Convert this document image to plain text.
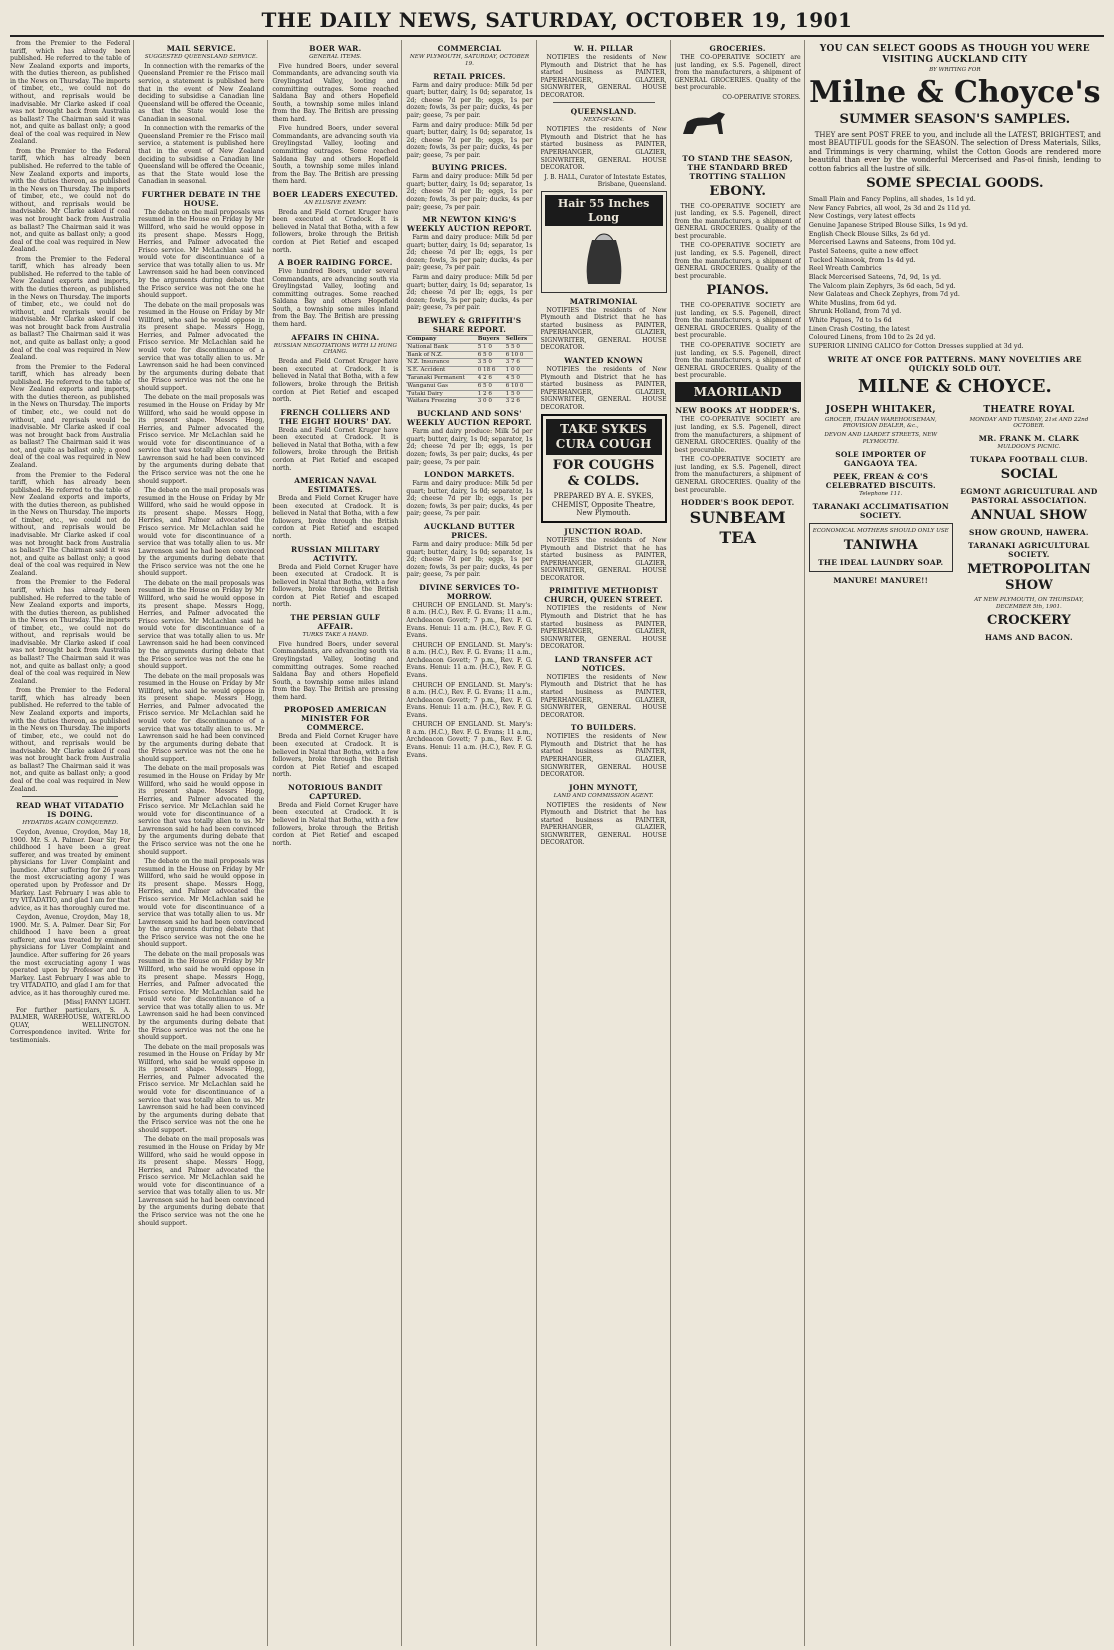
THE DAILY NEWS, SATURDAY, OCTOBER 19, 1901

from the Premier to the Federal tariff, which has already been published. He referred to the table of New Zealand exports and imports, with the duties thereon, as published in the News on Thursday. The imports of timber, etc., we could not do without, and reprisals would be inadvisable. Mr Clarke asked if coal was not brought back from Australia as ballast? The Chairman said it was not, and quite as ballast only; a good deal of the coal was required in New Zealand.

from the Premier to the Federal tariff, which has already been published. He referred to the table of New Zealand exports and imports, with the duties thereon, as published in the News on Thursday. The imports of timber, etc., we could not do without, and reprisals would be inadvisable. Mr Clarke asked if coal was not brought back from Australia as ballast? The Chairman said it was not, and quite as ballast only; a good deal of the coal was required in New Zealand.

from the Premier to the Federal tariff, which has already been published. He referred to the table of New Zealand exports and imports, with the duties thereon, as published in the News on Thursday. The imports of timber, etc., we could not do without, and reprisals would be inadvisable. Mr Clarke asked if coal was not brought back from Australia as ballast? The Chairman said it was not, and quite as ballast only; a good deal of the coal was required in New Zealand.

from the Premier to the Federal tariff, which has already been published. He referred to the table of New Zealand exports and imports, with the duties thereon, as published in the News on Thursday. The imports of timber, etc., we could not do without, and reprisals would be inadvisable. Mr Clarke asked if coal was not brought back from Australia as ballast? The Chairman said it was not, and quite as ballast only; a good deal of the coal was required in New Zealand.

from the Premier to the Federal tariff, which has already been published. He referred to the table of New Zealand exports and imports, with the duties thereon, as published in the News on Thursday. The imports of timber, etc., we could not do without, and reprisals would be inadvisable. Mr Clarke asked if coal was not brought back from Australia as ballast? The Chairman said it was not, and quite as ballast only; a good deal of the coal was required in New Zealand.

from the Premier to the Federal tariff, which has already been published. He referred to the table of New Zealand exports and imports, with the duties thereon, as published in the News on Thursday. The imports of timber, etc., we could not do without, and reprisals would be inadvisable. Mr Clarke asked if coal was not brought back from Australia as ballast? The Chairman said it was not, and quite as ballast only; a good deal of the coal was required in New Zealand.

from the Premier to the Federal tariff, which has already been published. He referred to the table of New Zealand exports and imports, with the duties thereon, as published in the News on Thursday. The imports of timber, etc., we could not do without, and reprisals would be inadvisable. Mr Clarke asked if coal was not brought back from Australia as ballast? The Chairman said it was not, and quite as ballast only; a good deal of the coal was required in New Zealand.

READ WHAT VITADATIO IS DOING.
HYDATIDS AGAIN CONQUERED.

Ceydon, Avenue, Croydon, May 18, 1900. Mr. S. A. Palmer. Dear Sir, For childhood I have been a great sufferer, and was treated by eminent physicians for Liver Complaint and Jaundice. After suffering for 26 years the most excruciating agony I was operated upon by Professor and Dr Markey. Last February I was able to try VITADATIO, and glad I am for that advice, as it has thoroughly cured me.

Ceydon, Avenue, Croydon, May 18, 1900. Mr. S. A. Palmer. Dear Sir, For childhood I have been a great sufferer, and was treated by eminent physicians for Liver Complaint and Jaundice. After suffering for 26 years the most excruciating agony I was operated upon by Professor and Dr Markey. Last February I was able to try VITADATIO, and glad I am for that advice, as it has thoroughly cured me.

[Miss] FANNY LIGHT.

For further particulars, S. A. PALMER, WAREHOUSE, WATERLOO QUAY, WELLINGTON. Correspondence invited. Write for testimonials.

MAIL SERVICE.
SUGGESTED QUEENSLAND SERVICE.

In connection with the remarks of the Queensland Premier re the Frisco mail service, a statement is published here that in the event of New Zealand deciding to subsidise a Canadian line Queensland will be offered the Oceanic, as that the State would lose the Canadian in seasonal.

In connection with the remarks of the Queensland Premier re the Frisco mail service, a statement is published here that in the event of New Zealand deciding to subsidise a Canadian line Queensland will be offered the Oceanic, as that the State would lose the Canadian in seasonal.

FURTHER DEBATE IN THE HOUSE.

The debate on the mail proposals was resumed in the House on Friday by Mr Willford, who said he would oppose in its present shape. Messrs Hogg, Herries, and Palmer advocated the Frisco service. Mr McLachlan said he would vote for discontinuance of a service that was totally alien to us. Mr Lawrenson said he had been convinced by the arguments during debate that the Frisco service was not the one he should support.

The debate on the mail proposals was resumed in the House on Friday by Mr Willford, who said he would oppose in its present shape. Messrs Hogg, Herries, and Palmer advocated the Frisco service. Mr McLachlan said he would vote for discontinuance of a service that was totally alien to us. Mr Lawrenson said he had been convinced by the arguments during debate that the Frisco service was not the one he should support.

The debate on the mail proposals was resumed in the House on Friday by Mr Willford, who said he would oppose in its present shape. Messrs Hogg, Herries, and Palmer advocated the Frisco service. Mr McLachlan said he would vote for discontinuance of a service that was totally alien to us. Mr Lawrenson said he had been convinced by the arguments during debate that the Frisco service was not the one he should support.

The debate on the mail proposals was resumed in the House on Friday by Mr Willford, who said he would oppose in its present shape. Messrs Hogg, Herries, and Palmer advocated the Frisco service. Mr McLachlan said he would vote for discontinuance of a service that was totally alien to us. Mr Lawrenson said he had been convinced by the arguments during debate that the Frisco service was not the one he should support.

The debate on the mail proposals was resumed in the House on Friday by Mr Willford, who said he would oppose in its present shape. Messrs Hogg, Herries, and Palmer advocated the Frisco service. Mr McLachlan said he would vote for discontinuance of a service that was totally alien to us. Mr Lawrenson said he had been convinced by the arguments during debate that the Frisco service was not the one he should support.

The debate on the mail proposals was resumed in the House on Friday by Mr Willford, who said he would oppose in its present shape. Messrs Hogg, Herries, and Palmer advocated the Frisco service. Mr McLachlan said he would vote for discontinuance of a service that was totally alien to us. Mr Lawrenson said he had been convinced by the arguments during debate that the Frisco service was not the one he should support.

The debate on the mail proposals was resumed in the House on Friday by Mr Willford, who said he would oppose in its present shape. Messrs Hogg, Herries, and Palmer advocated the Frisco service. Mr McLachlan said he would vote for discontinuance of a service that was totally alien to us. Mr Lawrenson said he had been convinced by the arguments during debate that the Frisco service was not the one he should support.

The debate on the mail proposals was resumed in the House on Friday by Mr Willford, who said he would oppose in its present shape. Messrs Hogg, Herries, and Palmer advocated the Frisco service. Mr McLachlan said he would vote for discontinuance of a service that was totally alien to us. Mr Lawrenson said he had been convinced by the arguments during debate that the Frisco service was not the one he should support.

The debate on the mail proposals was resumed in the House on Friday by Mr Willford, who said he would oppose in its present shape. Messrs Hogg, Herries, and Palmer advocated the Frisco service. Mr McLachlan said he would vote for discontinuance of a service that was totally alien to us. Mr Lawrenson said he had been convinced by the arguments during debate that the Frisco service was not the one he should support.

The debate on the mail proposals was resumed in the House on Friday by Mr Willford, who said he would oppose in its present shape. Messrs Hogg, Herries, and Palmer advocated the Frisco service. Mr McLachlan said he would vote for discontinuance of a service that was totally alien to us. Mr Lawrenson said he had been convinced by the arguments during debate that the Frisco service was not the one he should support.

The debate on the mail proposals was resumed in the House on Friday by Mr Willford, who said he would oppose in its present shape. Messrs Hogg, Herries, and Palmer advocated the Frisco service. Mr McLachlan said he would vote for discontinuance of a service that was totally alien to us. Mr Lawrenson said he had been convinced by the arguments during debate that the Frisco service was not the one he should support.

BOER WAR.
GENERAL ITEMS.

Five hundred Boers, under several Commandants, are advancing south via Greylingstad Valley, looting and committing outrages. Some reached Saldana Bay and others Hopefield South, a township some miles inland from the Bay. The British are pressing them hard.

Five hundred Boers, under several Commandants, are advancing south via Greylingstad Valley, looting and committing outrages. Some reached Saldana Bay and others Hopefield South, a township some miles inland from the Bay. The British are pressing them hard.

BOER LEADERS EXECUTED.
AN ELUSIVE ENEMY.

Breda and Field Cornet Kruger have been executed at Cradock. It is believed in Natal that Botha, with a few followers, broke through the British cordon at Piet Retief and escaped north.

A BOER RAIDING FORCE.

Five hundred Boers, under several Commandants, are advancing south via Greylingstad Valley, looting and committing outrages. Some reached Saldana Bay and others Hopefield South, a township some miles inland from the Bay. The British are pressing them hard.

AFFAIRS IN CHINA.
RUSSIAN NEGOTIATIONS WITH LI HUNG CHANG.

Breda and Field Cornet Kruger have been executed at Cradock. It is believed in Natal that Botha, with a few followers, broke through the British cordon at Piet Retief and escaped north.

FRENCH COLLIERS AND THE EIGHT HOURS' DAY.

Breda and Field Cornet Kruger have been executed at Cradock. It is believed in Natal that Botha, with a few followers, broke through the British cordon at Piet Retief and escaped north.

AMERICAN NAVAL ESTIMATES.

Breda and Field Cornet Kruger have been executed at Cradock. It is believed in Natal that Botha, with a few followers, broke through the British cordon at Piet Retief and escaped north.

RUSSIAN MILITARY ACTIVITY.

Breda and Field Cornet Kruger have been executed at Cradock. It is believed in Natal that Botha, with a few followers, broke through the British cordon at Piet Retief and escaped north.

THE PERSIAN GULF AFFAIR.
TURKS TAKE A HAND.

Five hundred Boers, under several Commandants, are advancing south via Greylingstad Valley, looting and committing outrages. Some reached Saldana Bay and others Hopefield South, a township some miles inland from the Bay. The British are pressing them hard.

PROPOSED AMERICAN MINISTER FOR COMMERCE.

Breda and Field Cornet Kruger have been executed at Cradock. It is believed in Natal that Botha, with a few followers, broke through the British cordon at Piet Retief and escaped north.

NOTORIOUS BANDIT CAPTURED.

Breda and Field Cornet Kruger have been executed at Cradock. It is believed in Natal that Botha, with a few followers, broke through the British cordon at Piet Retief and escaped north.

COMMERCIAL
NEW PLYMOUTH, SATURDAY, OCTOBER 19.
RETAIL PRICES.

Farm and dairy produce: Milk 5d per quart; butter, dairy, 1s 0d; separator, 1s 2d; cheese 7d per lb; eggs, 1s per dozen; fowls, 3s per pair; ducks, 4s per pair; geese, 7s per pair.

Farm and dairy produce: Milk 5d per quart; butter, dairy, 1s 0d; separator, 1s 2d; cheese 7d per lb; eggs, 1s per dozen; fowls, 3s per pair; ducks, 4s per pair; geese, 7s per pair.

BUYING PRICES.

Farm and dairy produce: Milk 5d per quart; butter, dairy, 1s 0d; separator, 1s 2d; cheese 7d per lb; eggs, 1s per dozen; fowls, 3s per pair; ducks, 4s per pair; geese, 7s per pair.

MR NEWTON KING'S WEEKLY AUCTION REPORT.

Farm and dairy produce: Milk 5d per quart; butter, dairy, 1s 0d; separator, 1s 2d; cheese 7d per lb; eggs, 1s per dozen; fowls, 3s per pair; ducks, 4s per pair; geese, 7s per pair.

Farm and dairy produce: Milk 5d per quart; butter, dairy, 1s 0d; separator, 1s 2d; cheese 7d per lb; eggs, 1s per dozen; fowls, 3s per pair; ducks, 4s per pair; geese, 7s per pair.

BEWLEY & GRIFFITH'S SHARE REPORT.
Company	Buyers	Sellers
National Bank	5 1 0	5 5 0
Bank of N.Z.	6 5 0	6 10 0
N.Z. Insurance	3 5 0	3 7 6
S.E. Accident	0 18 6	1 0 0
Taranaki Permanent	4 2 6	4 5 0
Wanganui Gas	6 5 0	6 10 0
Tutaki Dairy	1 2 6	1 5 0
Waitara Freezing	3 0 0	3 2 6
BUCKLAND AND SONS' WEEKLY AUCTION REPORT.

Farm and dairy produce: Milk 5d per quart; butter, dairy, 1s 0d; separator, 1s 2d; cheese 7d per lb; eggs, 1s per dozen; fowls, 3s per pair; ducks, 4s per pair; geese, 7s per pair.

LONDON MARKETS.

Farm and dairy produce: Milk 5d per quart; butter, dairy, 1s 0d; separator, 1s 2d; cheese 7d per lb; eggs, 1s per dozen; fowls, 3s per pair; ducks, 4s per pair; geese, 7s per pair.

AUCKLAND BUTTER PRICES.

Farm and dairy produce: Milk 5d per quart; butter, dairy, 1s 0d; separator, 1s 2d; cheese 7d per lb; eggs, 1s per dozen; fowls, 3s per pair; ducks, 4s per pair; geese, 7s per pair.

DIVINE SERVICES TO-MORROW.

CHURCH OF ENGLAND. St. Mary's: 8 a.m. (H.C.), Rev. F. G. Evans; 11 a.m., Archdeacon Govett; 7 p.m., Rev. F. G. Evans. Henui: 11 a.m. (H.C.), Rev. F. G. Evans.

CHURCH OF ENGLAND. St. Mary's: 8 a.m. (H.C.), Rev. F. G. Evans; 11 a.m., Archdeacon Govett; 7 p.m., Rev. F. G. Evans. Henui: 11 a.m. (H.C.), Rev. F. G. Evans.

CHURCH OF ENGLAND. St. Mary's: 8 a.m. (H.C.), Rev. F. G. Evans; 11 a.m., Archdeacon Govett; 7 p.m., Rev. F. G. Evans. Henui: 11 a.m. (H.C.), Rev. F. G. Evans.

CHURCH OF ENGLAND. St. Mary's: 8 a.m. (H.C.), Rev. F. G. Evans; 11 a.m., Archdeacon Govett; 7 p.m., Rev. F. G. Evans. Henui: 11 a.m. (H.C.), Rev. F. G. Evans.

W. H. PILLAR

NOTIFIES the residents of New Plymouth and District that he has started business as PAINTER, PAPERHANGER, GLAZIER, SIGNWRITER, GENERAL HOUSE DECORATOR.

QUEENSLAND.
NEXT-OF-KIN.

NOTIFIES the residents of New Plymouth and District that he has started business as PAINTER, PAPERHANGER, GLAZIER, SIGNWRITER, GENERAL HOUSE DECORATOR.

J. B. HALL, Curator of Intestate Estates, Brisbane, Queensland.
Hair 55 Inches Long
MATRIMONIAL

NOTIFIES the residents of New Plymouth and District that he has started business as PAINTER, PAPERHANGER, GLAZIER, SIGNWRITER, GENERAL HOUSE DECORATOR.

WANTED KNOWN

NOTIFIES the residents of New Plymouth and District that he has started business as PAINTER, PAPERHANGER, GLAZIER, SIGNWRITER, GENERAL HOUSE DECORATOR.

TAKE SYKES CURA COUGH
FOR COUGHS & COLDS.
PREPARED BY A. E. SYKES, CHEMIST, Opposite Theatre, New Plymouth.
JUNCTION ROAD.

NOTIFIES the residents of New Plymouth and District that he has started business as PAINTER, PAPERHANGER, GLAZIER, SIGNWRITER, GENERAL HOUSE DECORATOR.

PRIMITIVE METHODIST CHURCH, QUEEN STREET.

NOTIFIES the residents of New Plymouth and District that he has started business as PAINTER, PAPERHANGER, GLAZIER, SIGNWRITER, GENERAL HOUSE DECORATOR.

LAND TRANSFER ACT NOTICES.

NOTIFIES the residents of New Plymouth and District that he has started business as PAINTER, PAPERHANGER, GLAZIER, SIGNWRITER, GENERAL HOUSE DECORATOR.

TO BUILDERS.

NOTIFIES the residents of New Plymouth and District that he has started business as PAINTER, PAPERHANGER, GLAZIER, SIGNWRITER, GENERAL HOUSE DECORATOR.

JOHN MYNOTT,
LAND AND COMMISSION AGENT.

NOTIFIES the residents of New Plymouth and District that he has started business as PAINTER, PAPERHANGER, GLAZIER, SIGNWRITER, GENERAL HOUSE DECORATOR.

GROCERIES.

THE CO-OPERATIVE SOCIETY are just landing, ex S.S. Pagenell, direct from the manufacturers, a shipment of GENERAL GROCERIES. Quality of the best procurable.

CO-OPERATIVE STORES.
TO STAND THE SEASON, THE STANDARD BRED TROTTING STALLION
EBONY.

THE CO-OPERATIVE SOCIETY are just landing, ex S.S. Pagenell, direct from the manufacturers, a shipment of GENERAL GROCERIES. Quality of the best procurable.

THE CO-OPERATIVE SOCIETY are just landing, ex S.S. Pagenell, direct from the manufacturers, a shipment of GENERAL GROCERIES. Quality of the best procurable.

PIANOS.

THE CO-OPERATIVE SOCIETY are just landing, ex S.S. Pagenell, direct from the manufacturers, a shipment of GENERAL GROCERIES. Quality of the best procurable.

THE CO-OPERATIVE SOCIETY are just landing, ex S.S. Pagenell, direct from the manufacturers, a shipment of GENERAL GROCERIES. Quality of the best procurable.

MAORILAND
NEW BOOKS AT HODDER'S.

THE CO-OPERATIVE SOCIETY are just landing, ex S.S. Pagenell, direct from the manufacturers, a shipment of GENERAL GROCERIES. Quality of the best procurable.

THE CO-OPERATIVE SOCIETY are just landing, ex S.S. Pagenell, direct from the manufacturers, a shipment of GENERAL GROCERIES. Quality of the best procurable.

HODDER'S BOOK DEPOT.
SUNBEAM TEA
YOU CAN SELECT GOODS AS THOUGH YOU WERE VISITING AUCKLAND CITY
BY WRITING FOR
Milne & Choyce's
SUMMER SEASON'S SAMPLES.

THEY are sent POST FREE to you, and include all the LATEST, BRIGHTEST, and most BEAUTIFUL goods for the SEASON. The selection of Dress Materials, Silks, and Trimmings is very charming, whilst the Cotton Goods are rendered more beautiful than ever by the wonderful Mercerised and Pas-ol finish, lending to cotton fabrics all the lustre of silk.

SOME SPECIAL GOODS.
Small Plain and Fancy Poplins, all shades, 1s 1d yd.
New Fancy Fabrics, all wool, 2s 3d and 2s 11d yd.
New Costings, very latest effects
Genuine Japanese Striped Blouse Silks, 1s 9d yd.
English Check Blouse Silks, 2s 6d yd.
Mercerised Lawns and Sateens, from 10d yd.
Pastel Sateens, quite a new effect
Tucked Nainsook, from 1s 4d yd.
Reel Wreath Cambrics
Black Mercerised Sateens, 7d, 9d, 1s yd.
The Valcom plain Zephyrs, 3s 6d each, 5d yd.
New Galateas and Check Zephyrs, from 7d yd.
White Muslins, from 6d yd.
Shrunk Holland, from 7d yd.
White Piques, 7d to 1s 6d
Linen Crash Costing, the latest
Coloured Linens, from 10d to 2s 2d yd.
SUPERIOR LINING CALICO for Cotton Dresses supplied at 3d yd.
WRITE AT ONCE FOR PATTERNS. MANY NOVELTIES ARE QUICKLY SOLD OUT.
MILNE & CHOYCE.
JOSEPH WHITAKER,
GROCER, ITALIAN WAREHOUSEMAN, PROVISION DEALER, &c.,
DEVON AND LIARDET STREETS, NEW PLYMOUTH.
SOLE IMPORTER OF GANGAOYA TEA.
PEEK, FREAN & CO'S CELEBRATED BISCUITS.
Telephone 111.
TARANAKI ACCLIMATISATION SOCIETY.
ECONOMICAL MOTHERS SHOULD ONLY USE
TANIWHA
THE IDEAL LAUNDRY SOAP.
MANURE! MANURE!!
THEATRE ROYAL
MONDAY AND TUESDAY, 21st AND 22nd OCTOBER.
MR. FRANK M. CLARK
MULDOON'S PICNIC.
TUKAPA FOOTBALL CLUB.
SOCIAL
EGMONT AGRICULTURAL AND PASTORAL ASSOCIATION.
ANNUAL SHOW
SHOW GROUND, HAWERA.
TARANAKI AGRICULTURAL SOCIETY.
METROPOLITAN SHOW
AT NEW PLYMOUTH, ON THURSDAY, DECEMBER 5th, 1901.
CROCKERY
HAMS AND BACON.
